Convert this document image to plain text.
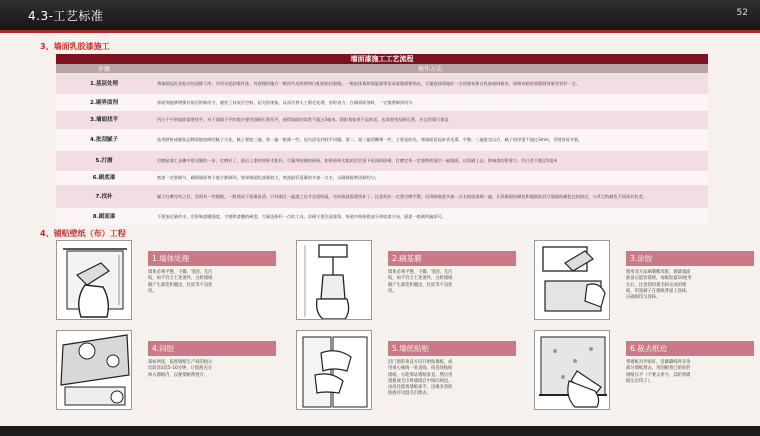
4.3-工艺标准	52
3、墙面乳胶漆施工
墙面漆施工工艺流程	
步骤	操作方法
1.基层处理	将墙面起皮及松动处清除干净，并用水泥砂浆补抹。有裂缝的地方一般用牛皮纸带和白乳胶贴住裂缝。一般轻体墙和保温墙等非承重墙需要贴布，尽量选择质地好一点的墙布和白乳胶或网格布，网格布粘时放裂缝效果会更好一点。
2.刷界面剂	界面剂能够增强对基层的粘结力，避免了抹灰层空鼓、起壳的现象，从而代替人工凿毛处理，省时省力，在刷界面剂时，一定都要刷到均匀
3.墙面找平	凹凸不平的墙面需要找平，对于墙面不平的地方要用刮刷石膏找平，使得墙面的误差不超过3毫米。阴阳角如果不直的话，也需要用刮刷石膏，并且用靠尺靠直
4.批刮腻子	选用默析或腻钛品牌质地较硬的腻子为佳，腻子要批三遍。第一遍一般薄一些，因为涂及到找平问题。第二、第三遍刮腰薄一些，主要是收光，使墙面看起来更光滑、平整。三遍批完以后，腻子的厚度不超过3mm，否则容易开裂。
5.打磨	打磨是墙工步骤中很关键的一步，打磨好了，最后上漆的效果才能好。尽量用较细的砂纸，如果砂纸太粗的话会留下很深的砂痕。打磨完毕一定要彻底清扫一遍墙面，以免刷上去，影响漆的附着力。凹凸差不超过1毫米
6.刷底漆	底漆一定要刷匀，确保墙面每个地方都刷到，如果墙面吃漆量较大，底漆最好适量的多加一点水，以确保能够涂刷均匀。
7.找补	腻子打磨完毕之后，会留有一些细痕，一般情况下很难看清，只有刷过一遍漆之后才会很明显，这时候就需要找补了。注意找补一定要打磨平整，再用刷底漆多加一点水的底漆刷一遍，让找刷面的颜色和墙面的其它墙面的颜色比较接近，与其它的颜色不同而有色差。
8.刷面漆	不要加过量的水，会影响漆膜强度，手感和漆膜的硬度。尽量选择好一点的工具。涂刷主要注意墙角、每道中间接搓部分和收漆方向，面漆一般刷两遍即可。
4、铺贴壁纸（布）工程
1.墙体处理
墙体必须平整，干燥，坚固，无污垢，如不符合上述条件，白胶墙纸黏产生霉变和翘边，拉扯等不良状况。
2.刷基膜
墙体必须平整，干燥，坚固，无污垢，如不符合上述条件，白胶墙纸黏产生霉变和翘边，拉扯等不良状况。
3.涂胶
使用双方法刷制糯米胶，调量墙面准备后能切裁规，每级胶量10厘米左右，注意刮切裁毛和完成的墙纸，用宽刷子在墙纸背面上涂抹，应确保均匀涂抹。
4.闷胶
裁如两张，依照墙纸生产商的指示比较涂3次5-10分钟，让胶液充分渗入墙纸内，以便墙纸伸展开。
5.墙纸贴贴
沿门窗的垂直方向开始贴墙纸，或用垂心画线一垂直线，按直线贴贴墙纸，方能保证墙纸垂直。然后用刮板或毛巾将墙纸自中间向两边，由高往低将墙纸抹平，边缘多余的胶液可用湿毛巾擦去。
6.裁去纸边
将墙纸对齐贴好，沿踢脚线将多余部分墙纸割去，用刮板将已贴好的墙纸压平（不要太用力，以防将墙纸压出印子）。
